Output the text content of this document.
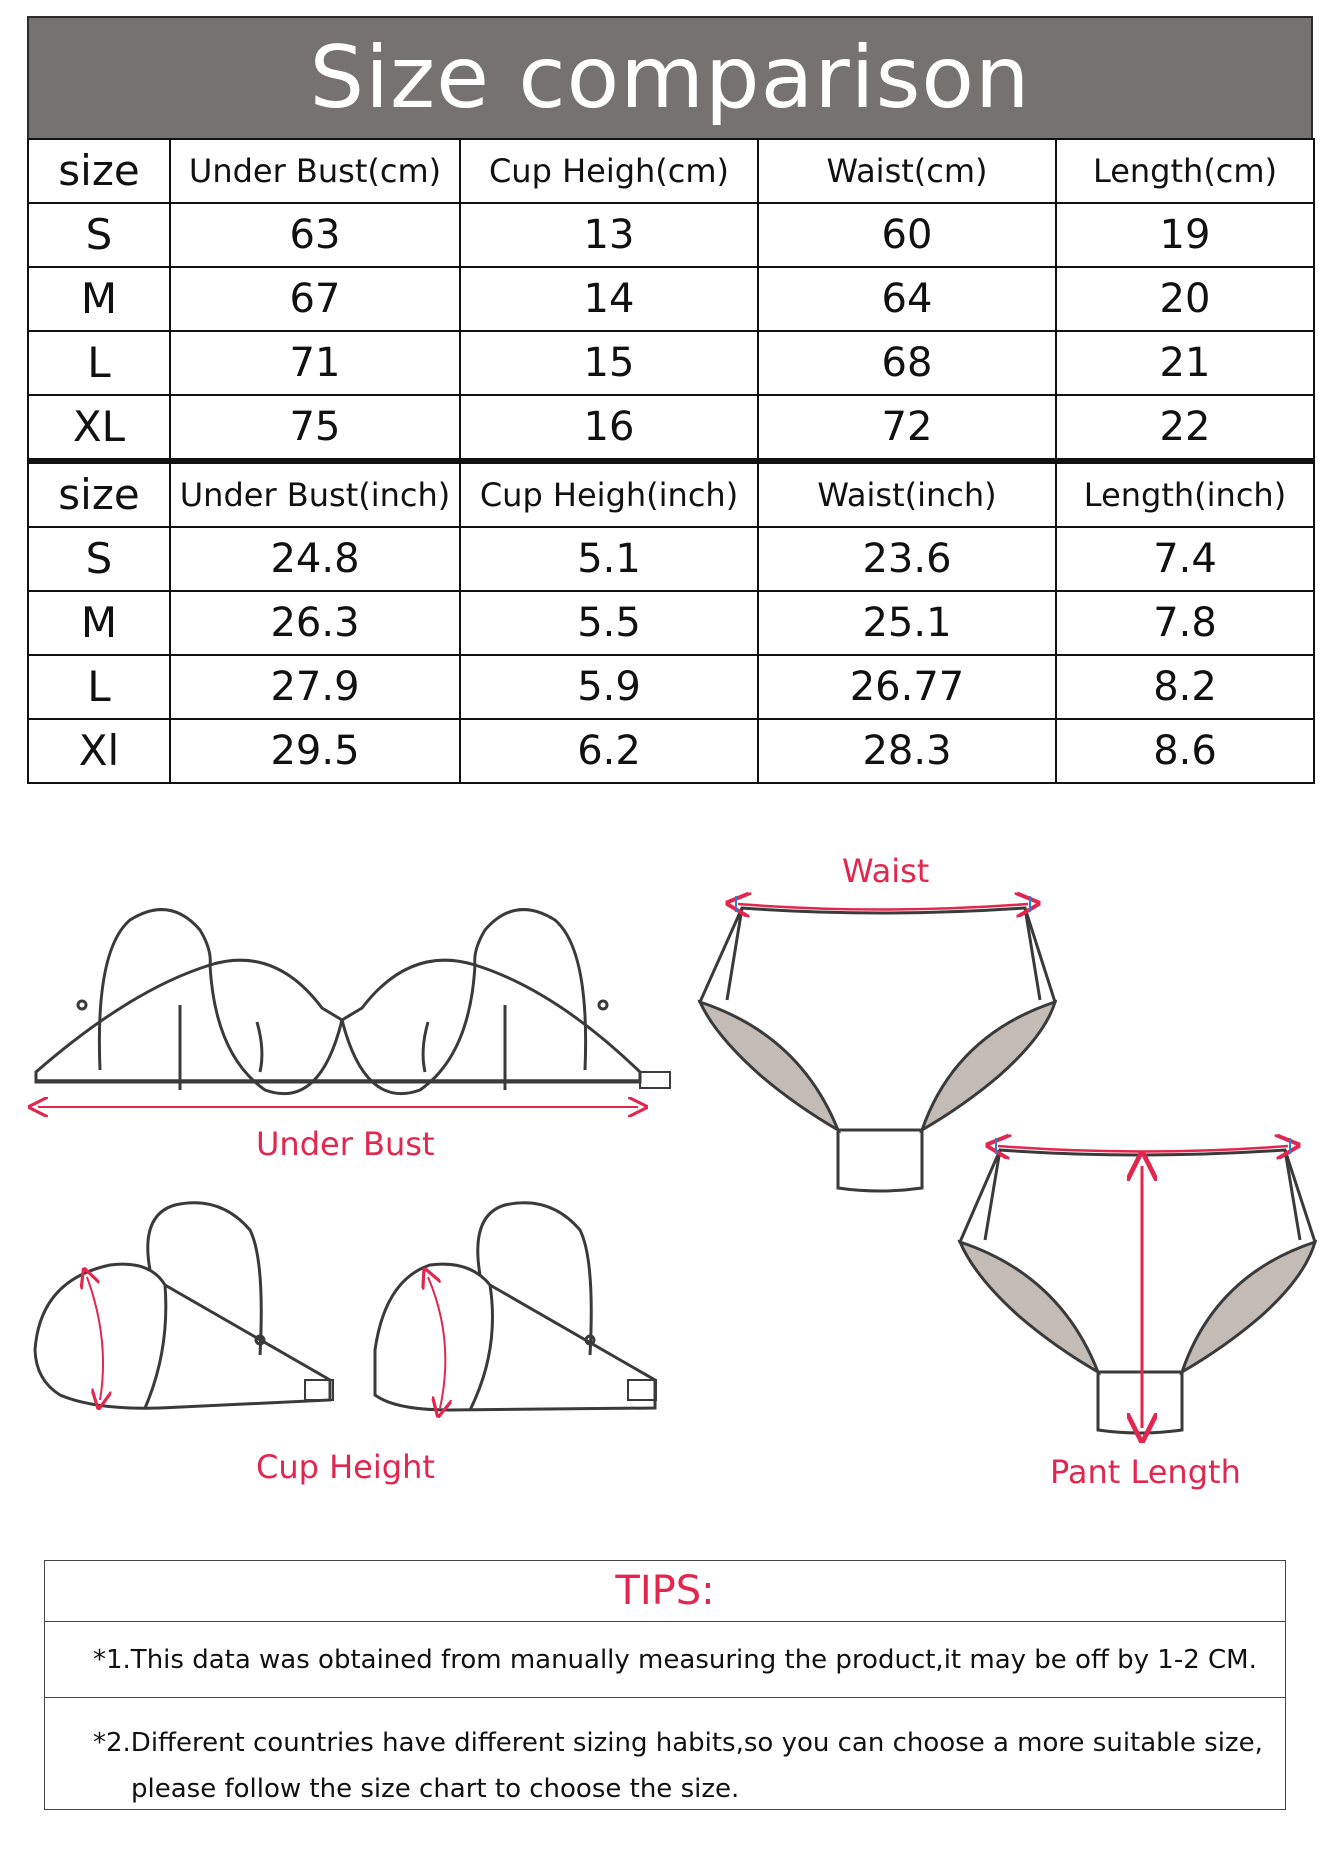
Size comparison
size	Under Bust(cm)	Cup Heigh(cm)	Waist(cm)	Length(cm)
S	63	13	60	19
M	67	14	64	20
L	71	15	68	21
XL	75	16	72	22
size	Under Bust(inch)	Cup Heigh(inch)	Waist(inch)	Length(inch)
S	24.8	5.1	23.6	7.4
M	26.3	5.5	25.1	7.8
L	27.9	5.9	26.77	8.2
Xl	29.5	6.2	28.3	8.6
Under Bust
Cup Height
Waist
Pant Length
TIPS:
*1.This data was obtained from manually measuring the product,it may be off by 1-2 CM.
*2.Different countries have different sizing habits,so you can choose a more suitable size,
please follow the size chart to choose the size.
